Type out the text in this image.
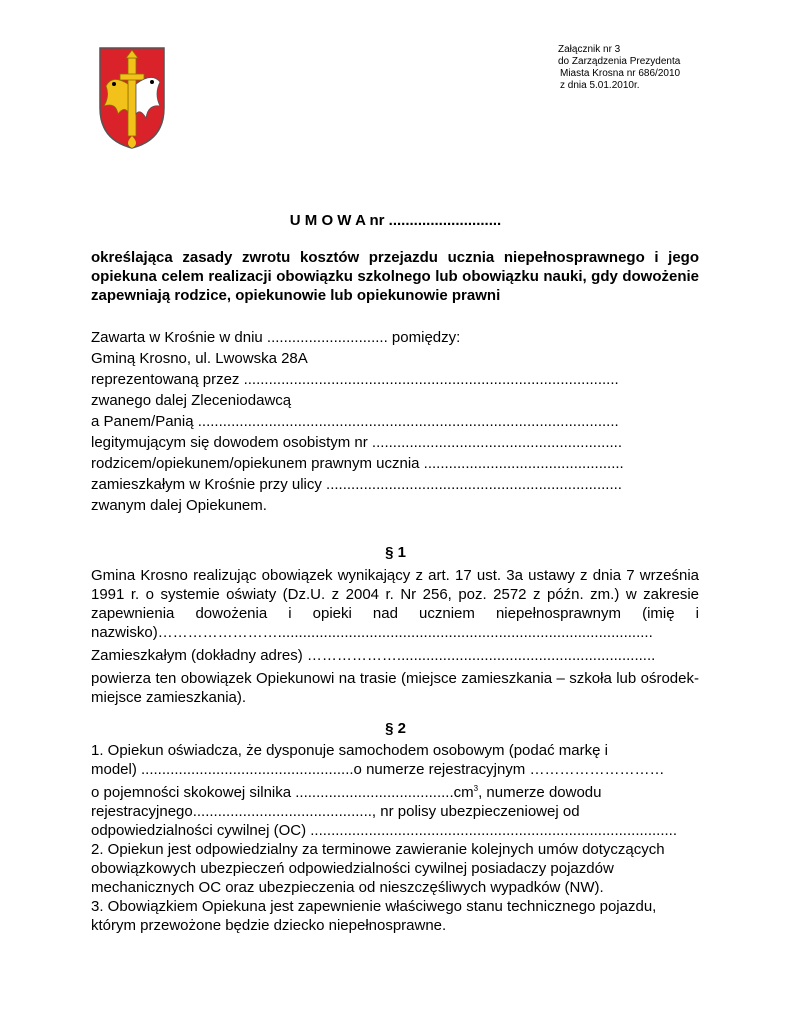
Załącznik nr 3
do Zarządzenia Prezydenta
Miasta Krosna nr 686/2010
z dnia 5.01.2010r.
U M O W A nr ...........................
określająca zasady zwrotu kosztów przejazdu ucznia niepełnosprawnego i jego opiekuna celem realizacji obowiązku szkolnego lub obowiązku nauki, gdy dowożenie zapewniają rodzice, opiekunowie lub opiekunowie prawni
Zawarta w Krośnie w dniu ............................. pomiędzy:
Gminą Krosno, ul. Lwowska 28A
reprezentowaną przez ..........................................................................................
zwanego dalej Zleceniodawcą
a Panem/Panią .....................................................................................................
legitymującym się dowodem osobistym nr ............................................................
rodzicem/opiekunem/opiekunem prawnym ucznia ................................................
zamieszkałym w Krośnie przy ulicy .......................................................................
zwanym dalej Opiekunem.
§ 1

Gmina Krosno realizując obowiązek wynikający z art. 17 ust. 3a ustawy z dnia 7 września 1991 r. o systemie oświaty (Dz.U. z 2004 r. Nr 256, poz. 2572 z późn. zm.) w zakresie zapewnienia dowożenia i opieki nad uczniem niepełnosprawnym (imię i nazwisko)……………………..........................................................................................

Zamieszkałym (dokładny adres) ………………..............................................................

powierza ten obowiązek Opiekunowi na trasie (miejsce zamieszkania – szkoła lub ośrodek- miejsce zamieszkania).

§ 2

1. Opiekun oświadcza, że dysponuje samochodem osobowym (podać markę i

model) ...................................................o numerze rejestracyjnym ………………………

o pojemności skokowej silnika $......................................cm^3$, numerze dowodu

rejestracyjnego..........................................., nr polisy ubezpieczeniowej od

odpowiedzialności cywilnej (OC) ........................................................................................

2. Opiekun jest odpowiedzialny za terminowe zawieranie kolejnych umów dotyczących obowiązkowych ubezpieczeń odpowiedzialności cywilnej posiadaczy pojazdów mechanicznych OC oraz ubezpieczenia od nieszczęśliwych wypadków (NW).

3. Obowiązkiem Opiekuna jest zapewnienie właściwego stanu technicznego pojazdu, którym przewożone będzie dziecko niepełnosprawne.
